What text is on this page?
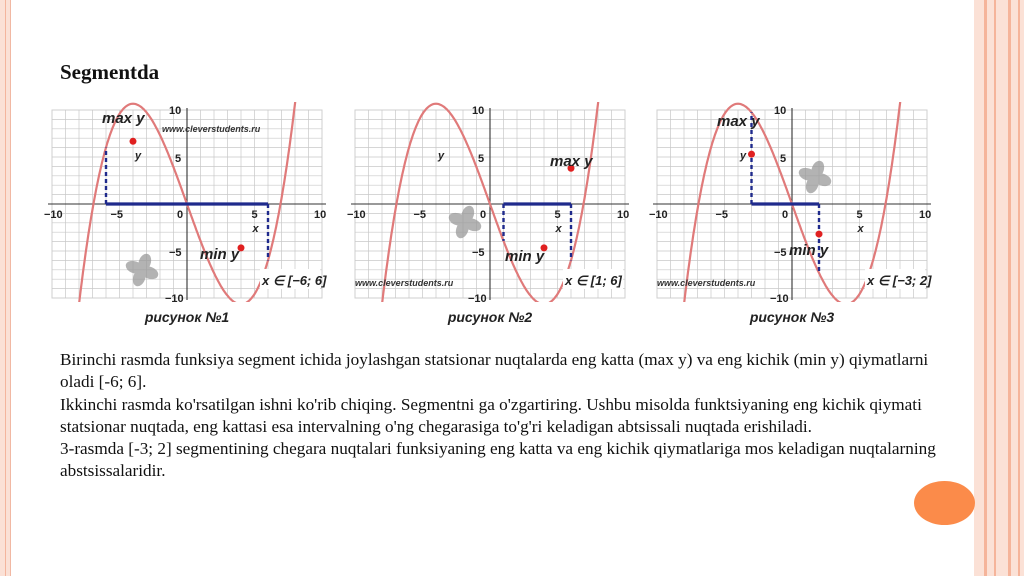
Segmentda
−10	−5	0	5	10
10
5
−5
−10
y
x
max y
min y
www.cleverstudents.ru
x ∈ [−6; 6]
рисунок №1
−10	−5	0	5	10
10
5
−5
−10
y
x
max y
min y
www.cleverstudents.ru	x ∈ [1; 6]
рисунок №2
−10	−5	0	5	10
10
5
−5
−10
y
x
max y
min y
www.cleverstudents.ru	x ∈ [−3; 2]
рисунок №3

Birinchi rasmda funksiya segment ichida joylashgan statsionar nuqtalarda eng katta (max y) va eng kichik (min y) qiymatlarni oladi [-6; 6].

Ikkinchi rasmda ko'rsatilgan ishni ko'rib chiqing. Segmentni ga o'zgartiring. Ushbu misolda funktsiyaning eng kichik qiymati statsionar nuqtada, eng kattasi esa intervalning o'ng chegarasiga to'g'ri keladigan abtsissali nuqtada erishiladi.

3-rasmda [-3; 2] segmentining chegara nuqtalari funksiyaning eng katta va eng kichik qiymatlariga mos keladigan nuqtalarning abstsissalaridir.
